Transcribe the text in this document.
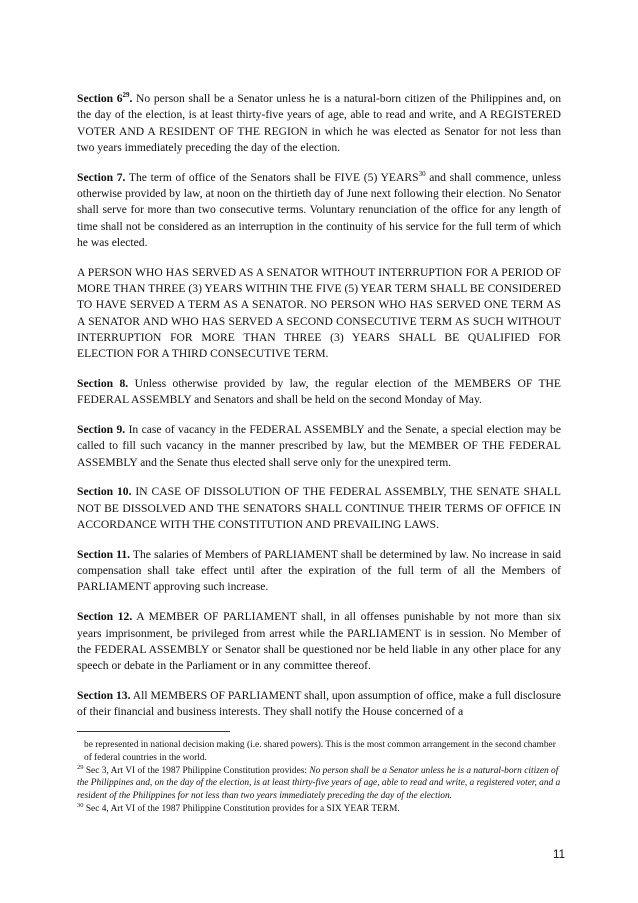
Section $6^{29}$. No person shall be a Senator unless he is a natural-born citizen of the Philippines and, on the day of the election, is at least thirty-five years of age, able to read and write, and A REGISTERED VOTER AND A RESIDENT OF THE REGION in which he was elected as Senator for not less than two years immediately preceding the day of the election.

Section 7. The term of office of the Senators shall be FIVE (5) YEARS$^{30}$ and shall commence, unless otherwise provided by law, at noon on the thirtieth day of June next following their election. No Senator shall serve for more than two consecutive terms. Voluntary renunciation of the office for any length of time shall not be considered as an interruption in the continuity of his service for the full term of which he was elected.

A PERSON WHO HAS SERVED AS A SENATOR WITHOUT INTERRUPTION FOR A PERIOD OF MORE THAN THREE (3) YEARS WITHIN THE FIVE (5) YEAR TERM SHALL BE CONSIDERED TO HAVE SERVED A TERM AS A SENATOR. NO PERSON WHO HAS SERVED ONE TERM AS A SENATOR AND WHO HAS SERVED A SECOND CONSECUTIVE TERM AS SUCH WITHOUT INTERRUPTION FOR MORE THAN THREE (3) YEARS SHALL BE QUALIFIED FOR ELECTION FOR A THIRD CONSECUTIVE TERM.

Section 8. Unless otherwise provided by law, the regular election of the MEMBERS OF THE FEDERAL ASSEMBLY and Senators and shall be held on the second Monday of May.

Section 9. In case of vacancy in the FEDERAL ASSEMBLY and the Senate, a special election may be called to fill such vacancy in the manner prescribed by law, but the MEMBER OF THE FEDERAL ASSEMBLY and the Senate thus elected shall serve only for the unexpired term.

Section 10. IN CASE OF DISSOLUTION OF THE FEDERAL ASSEMBLY, THE SENATE SHALL NOT BE DISSOLVED AND THE SENATORS SHALL CONTINUE THEIR TERMS OF OFFICE IN ACCORDANCE WITH THE CONSTITUTION AND PREVAILING LAWS.

Section 11. The salaries of Members of PARLIAMENT shall be determined by law. No increase in said compensation shall take effect until after the expiration of the full term of all the Members of PARLIAMENT approving such increase.

Section 12. A MEMBER OF PARLIAMENT shall, in all offenses punishable by not more than six years imprisonment, be privileged from arrest while the PARLIAMENT is in session. No Member of the FEDERAL ASSEMBLY or Senator shall be questioned nor be held liable in any other place for any speech or debate in the Parliament or in any committee thereof.

Section 13. All MEMBERS OF PARLIAMENT shall, upon assumption of office, make a full disclosure of their financial and business interests. They shall notify the House concerned of a

be represented in national decision making (i.e. shared powers). This is the most common arrangement in the second chamber of federal countries in the world.

$^{29}$ Sec 3, Art VI of the 1987 Philippine Constitution provides: No person shall be a Senator unless he is a natural-born citizen of the Philippines and, on the day of the election, is at least thirty-five years of age, able to read and write, a registered voter, and a resident of the Philippines for not less than two years immediately preceding the day of the election.

$^{30}$ Sec 4, Art VI of the 1987 Philippine Constitution provides for a SIX YEAR TERM.

11
